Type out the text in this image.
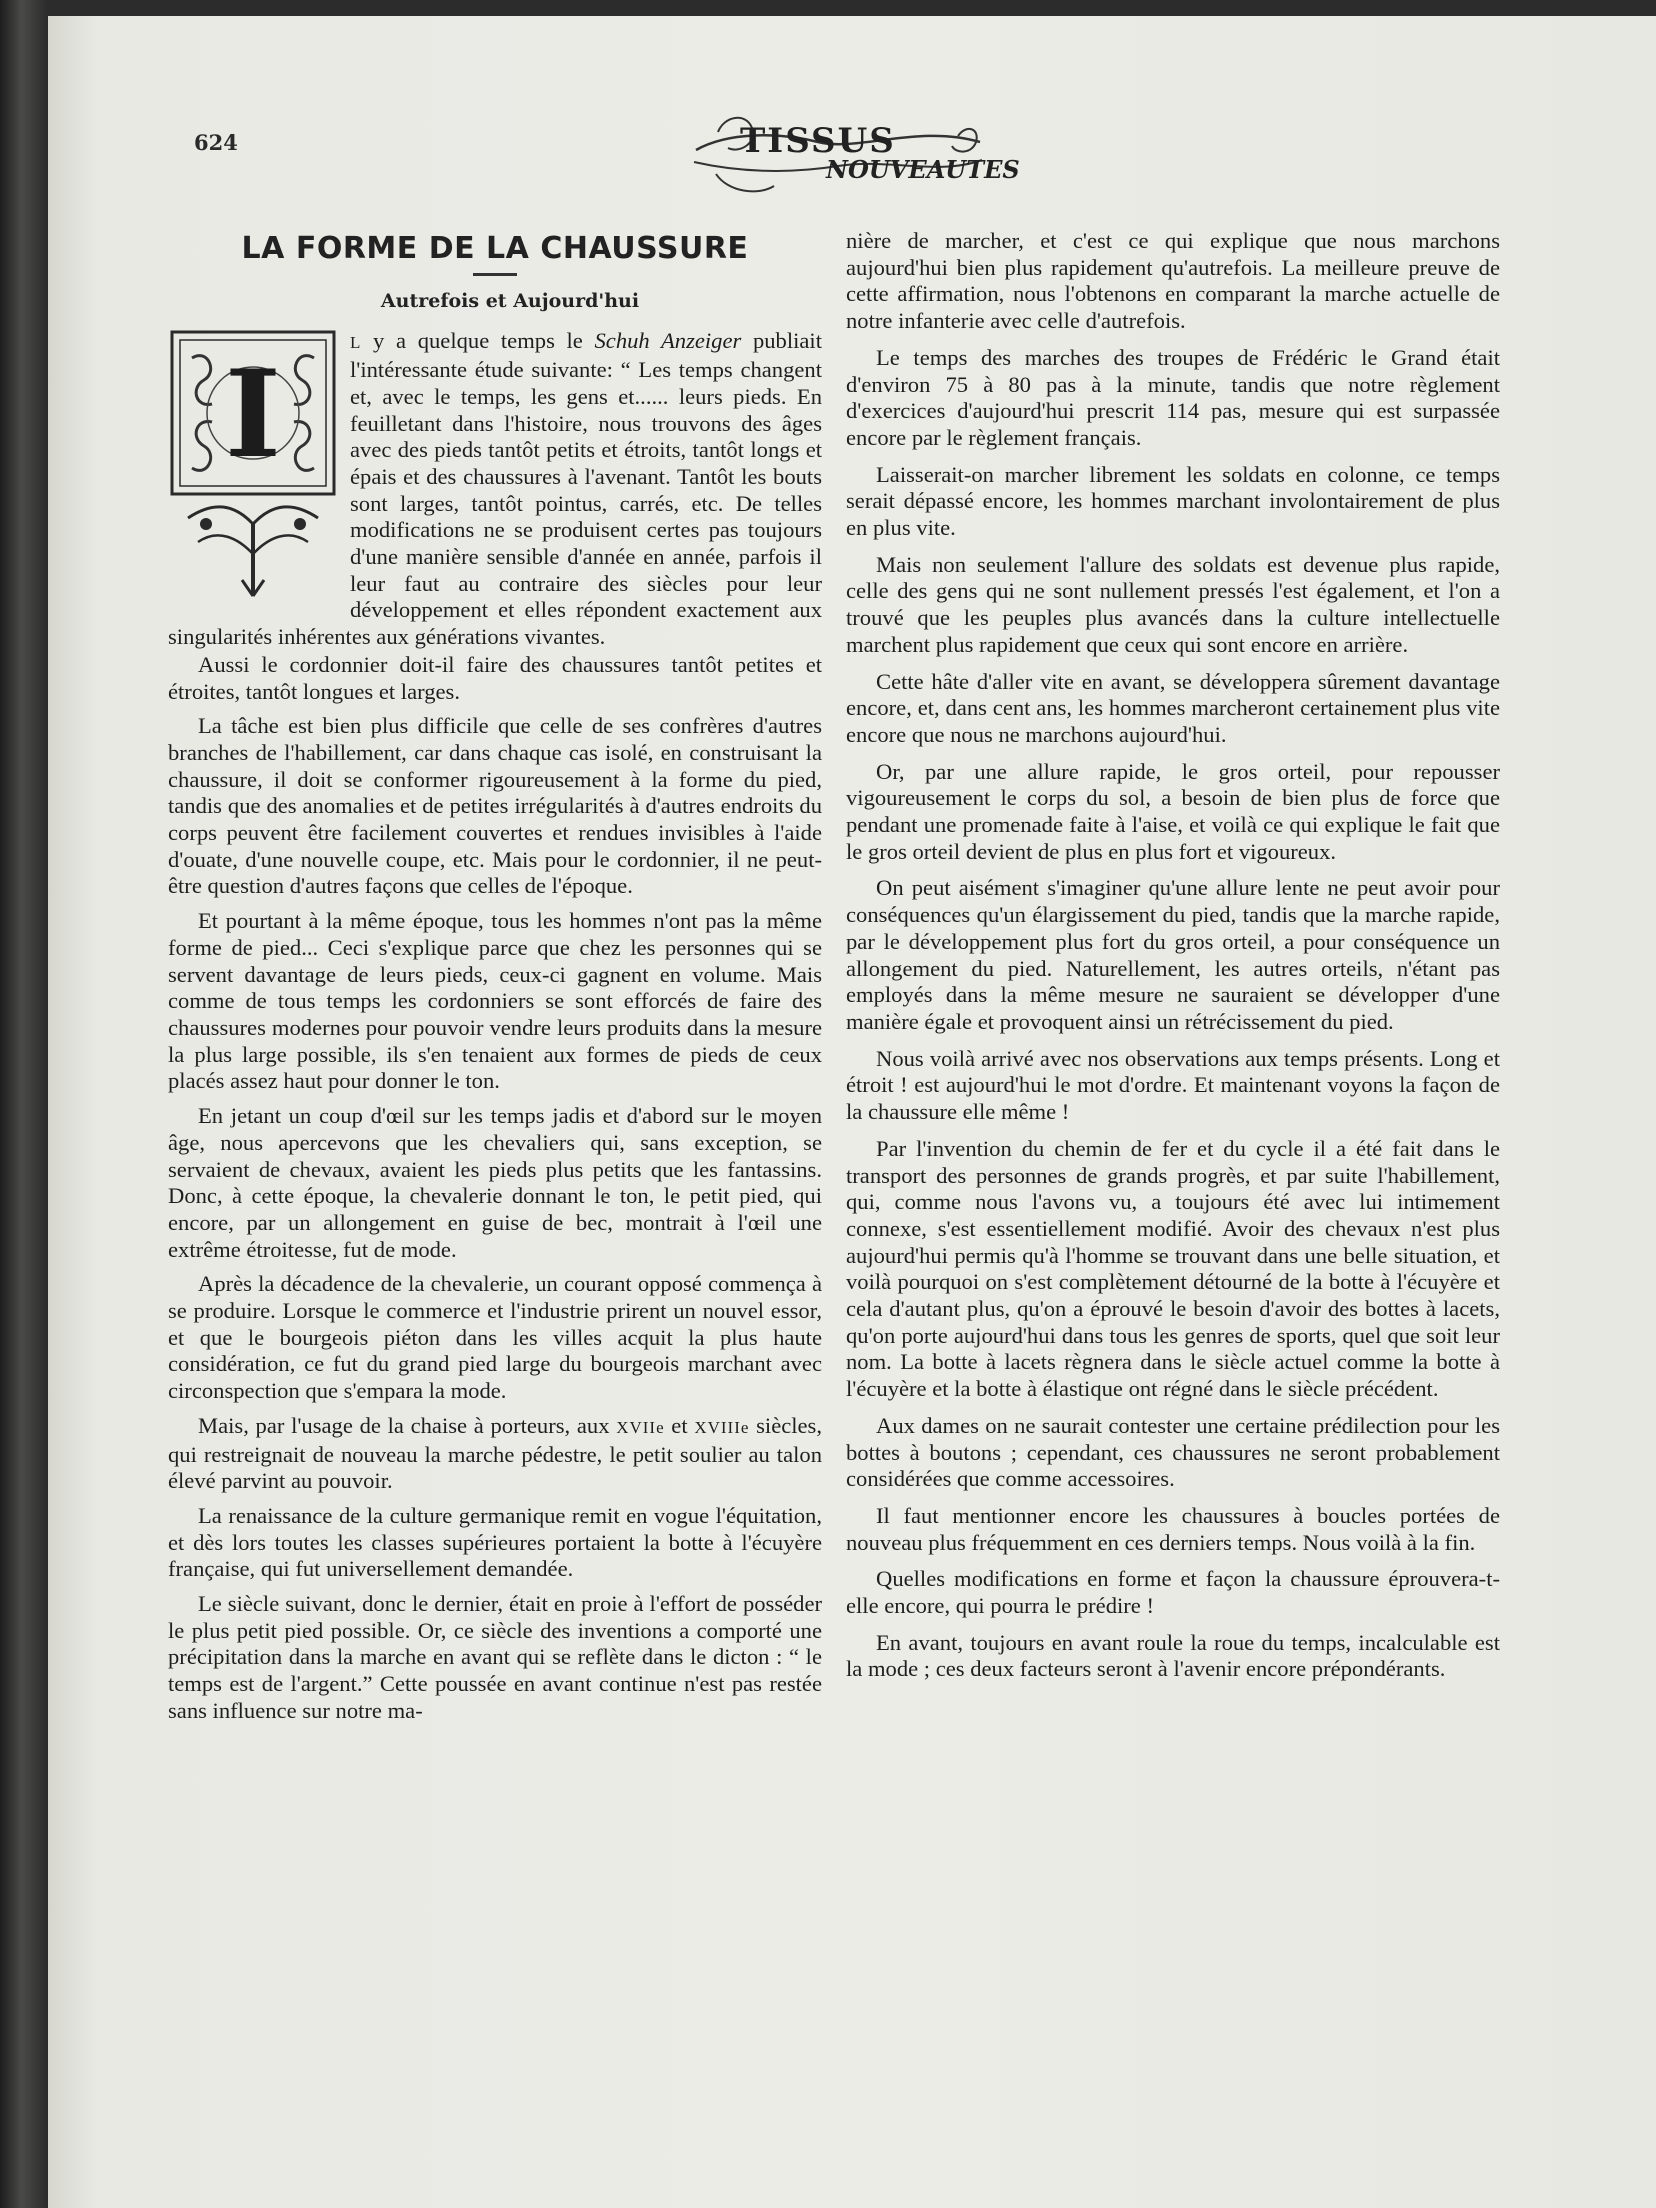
624	TISSUS
NOUVEAUTES
LA FORME DE LA CHAUSSURE
Autrefois et Aujourd'hui
I

L y a quelque temps le Schuh Anzeiger publiait l'intéressante étude suivante: “ Les temps changent et, avec le temps, les gens et...... leurs pieds. En feuilletant dans l'histoire, nous trouvons des âges avec des pieds tantôt petits et étroits, tantôt longs et épais et des chaussures à l'avenant. Tantôt les bouts sont larges, tantôt pointus, carrés, etc. De telles modifications ne se produisent certes pas toujours d'une manière sensible d'année en année, parfois il leur faut au contraire des siècles pour leur développement et elles répondent exactement aux singularités inhérentes aux générations vivantes.

Aussi le cordonnier doit-il faire des chaussures tantôt petites et étroites, tantôt longues et larges.

La tâche est bien plus difficile que celle de ses confrères d'autres branches de l'habillement, car dans chaque cas isolé, en construisant la chaussure, il doit se conformer rigoureusement à la forme du pied, tandis que des anomalies et de petites irrégularités à d'autres endroits du corps peuvent être facilement couvertes et rendues invisibles à l'aide d'ouate, d'une nouvelle coupe, etc. Mais pour le cordonnier, il ne peut-être question d'autres façons que celles de l'époque.

Et pourtant à la même époque, tous les hommes n'ont pas la même forme de pied... Ceci s'explique parce que chez les personnes qui se servent davantage de leurs pieds, ceux-ci gagnent en volume. Mais comme de tous temps les cordonniers se sont efforcés de faire des chaussures modernes pour pouvoir vendre leurs produits dans la mesure la plus large possible, ils s'en tenaient aux formes de pieds de ceux placés assez haut pour donner le ton.

En jetant un coup d'œil sur les temps jadis et d'abord sur le moyen âge, nous apercevons que les chevaliers qui, sans exception, se servaient de chevaux, avaient les pieds plus petits que les fantassins. Donc, à cette époque, la chevalerie donnant le ton, le petit pied, qui encore, par un allongement en guise de bec, montrait à l'œil une extrême étroitesse, fut de mode.

Après la décadence de la chevalerie, un courant opposé commença à se produire. Lorsque le commerce et l'industrie prirent un nouvel essor, et que le bourgeois piéton dans les villes acquit la plus haute considération, ce fut du grand pied large du bourgeois marchant avec circonspection que s'empara la mode.

Mais, par l'usage de la chaise à porteurs, aux XVIIe et XVIIIe siècles, qui restreignait de nouveau la marche pédestre, le petit soulier au talon élevé parvint au pouvoir.

La renaissance de la culture germanique remit en vogue l'équitation, et dès lors toutes les classes supérieures portaient la botte à l'écuyère française, qui fut universellement demandée.

Le siècle suivant, donc le dernier, était en proie à l'effort de posséder le plus petit pied possible. Or, ce siècle des inventions a comporté une précipitation dans la marche en avant qui se reflète dans le dicton : “ le temps est de l'argent.” Cette poussée en avant continue n'est pas restée sans influence sur notre ma-

nière de marcher, et c'est ce qui explique que nous marchons aujourd'hui bien plus rapidement qu'autrefois. La meilleure preuve de cette affirmation, nous l'obtenons en comparant la marche actuelle de notre infanterie avec celle d'autrefois.

Le temps des marches des troupes de Frédéric le Grand était d'environ 75 à 80 pas à la minute, tandis que notre règlement d'exercices d'aujourd'hui prescrit 114 pas, mesure qui est surpassée encore par le règlement français.

Laisserait-on marcher librement les soldats en colonne, ce temps serait dépassé encore, les hommes marchant involontairement de plus en plus vite.

Mais non seulement l'allure des soldats est devenue plus rapide, celle des gens qui ne sont nullement pressés l'est également, et l'on a trouvé que les peuples plus avancés dans la culture intellectuelle marchent plus rapidement que ceux qui sont encore en arrière.

Cette hâte d'aller vite en avant, se développera sûrement davantage encore, et, dans cent ans, les hommes marcheront certainement plus vite encore que nous ne marchons aujourd'hui.

Or, par une allure rapide, le gros orteil, pour repousser vigoureusement le corps du sol, a besoin de bien plus de force que pendant une promenade faite à l'aise, et voilà ce qui explique le fait que le gros orteil devient de plus en plus fort et vigoureux.

On peut aisément s'imaginer qu'une allure lente ne peut avoir pour conséquences qu'un élargissement du pied, tandis que la marche rapide, par le développement plus fort du gros orteil, a pour conséquence un allongement du pied. Naturellement, les autres orteils, n'étant pas employés dans la même mesure ne sauraient se développer d'une manière égale et provoquent ainsi un rétrécissement du pied.

Nous voilà arrivé avec nos observations aux temps présents. Long et étroit ! est aujourd'hui le mot d'ordre. Et maintenant voyons la façon de la chaussure elle même !

Par l'invention du chemin de fer et du cycle il a été fait dans le transport des personnes de grands progrès, et par suite l'habillement, qui, comme nous l'avons vu, a toujours été avec lui intimement connexe, s'est essentiellement modifié. Avoir des chevaux n'est plus aujourd'hui permis qu'à l'homme se trouvant dans une belle situation, et voilà pourquoi on s'est complètement détourné de la botte à l'écuyère et cela d'autant plus, qu'on a éprouvé le besoin d'avoir des bottes à lacets, qu'on porte aujourd'hui dans tous les genres de sports, quel que soit leur nom. La botte à lacets règnera dans le siècle actuel comme la botte à l'écuyère et la botte à élastique ont régné dans le siècle précédent.

Aux dames on ne saurait contester une certaine prédilection pour les bottes à boutons ; cependant, ces chaussures ne seront probablement considérées que comme accessoires.

Il faut mentionner encore les chaussures à boucles portées de nouveau plus fréquemment en ces derniers temps. Nous voilà à la fin.

Quelles modifications en forme et façon la chaussure éprouvera-t-elle encore, qui pourra le prédire !

En avant, toujours en avant roule la roue du temps, incalculable est la mode ; ces deux facteurs seront à l'avenir encore prépondérants.
